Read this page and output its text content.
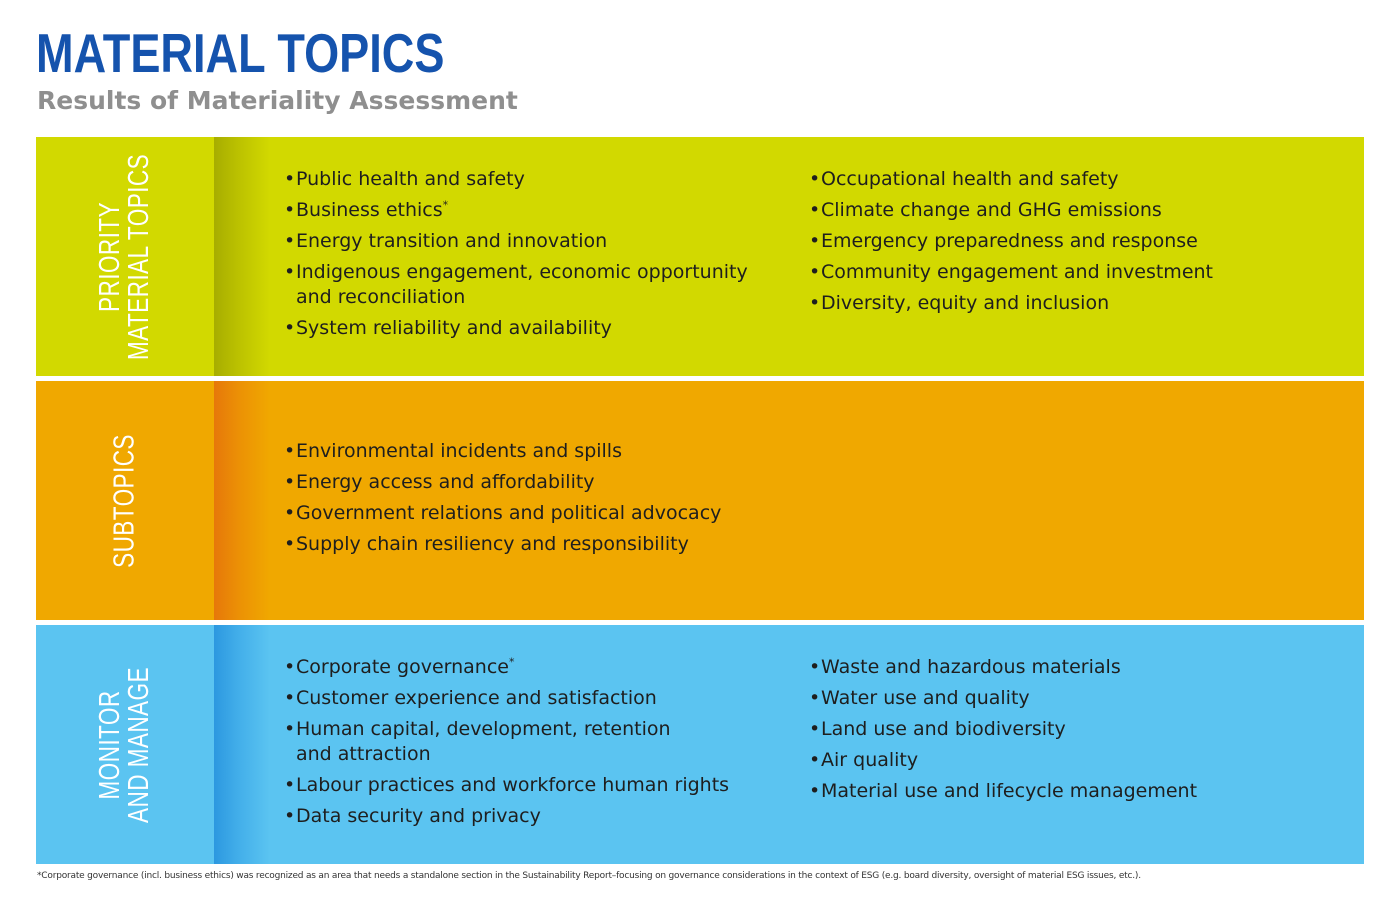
MATERIAL TOPICS
Results of Materiality Assessment
PRIORITY
MATERIAL TOPICS	• Public health and safety
• Business ethics*
• Energy transition and innovation
• Indigenous engagement, economic opportunity
and reconciliation
• System reliability and availability
• Occupational health and safety
• Climate change and GHG emissions
• Emergency preparedness and response
• Community engagement and investment
• Diversity, equity and inclusion
SUBTOPICS	• Environmental incidents and spills
• Energy access and affordability
• Government relations and political advocacy
• Supply chain resiliency and responsibility
MONITOR
AND MANAGE	• Corporate governance*
• Customer experience and satisfaction
• Human capital, development, retention
and attraction
• Labour practices and workforce human rights
• Data security and privacy
• Waste and hazardous materials
• Water use and quality
• Land use and biodiversity
• Air quality
• Material use and lifecycle management
*Corporate governance (incl. business ethics) was recognized as an area that needs a standalone section in the Sustainability Report–focusing on governance considerations in the context of ESG (e.g. board diversity, oversight of material ESG issues, etc.).
